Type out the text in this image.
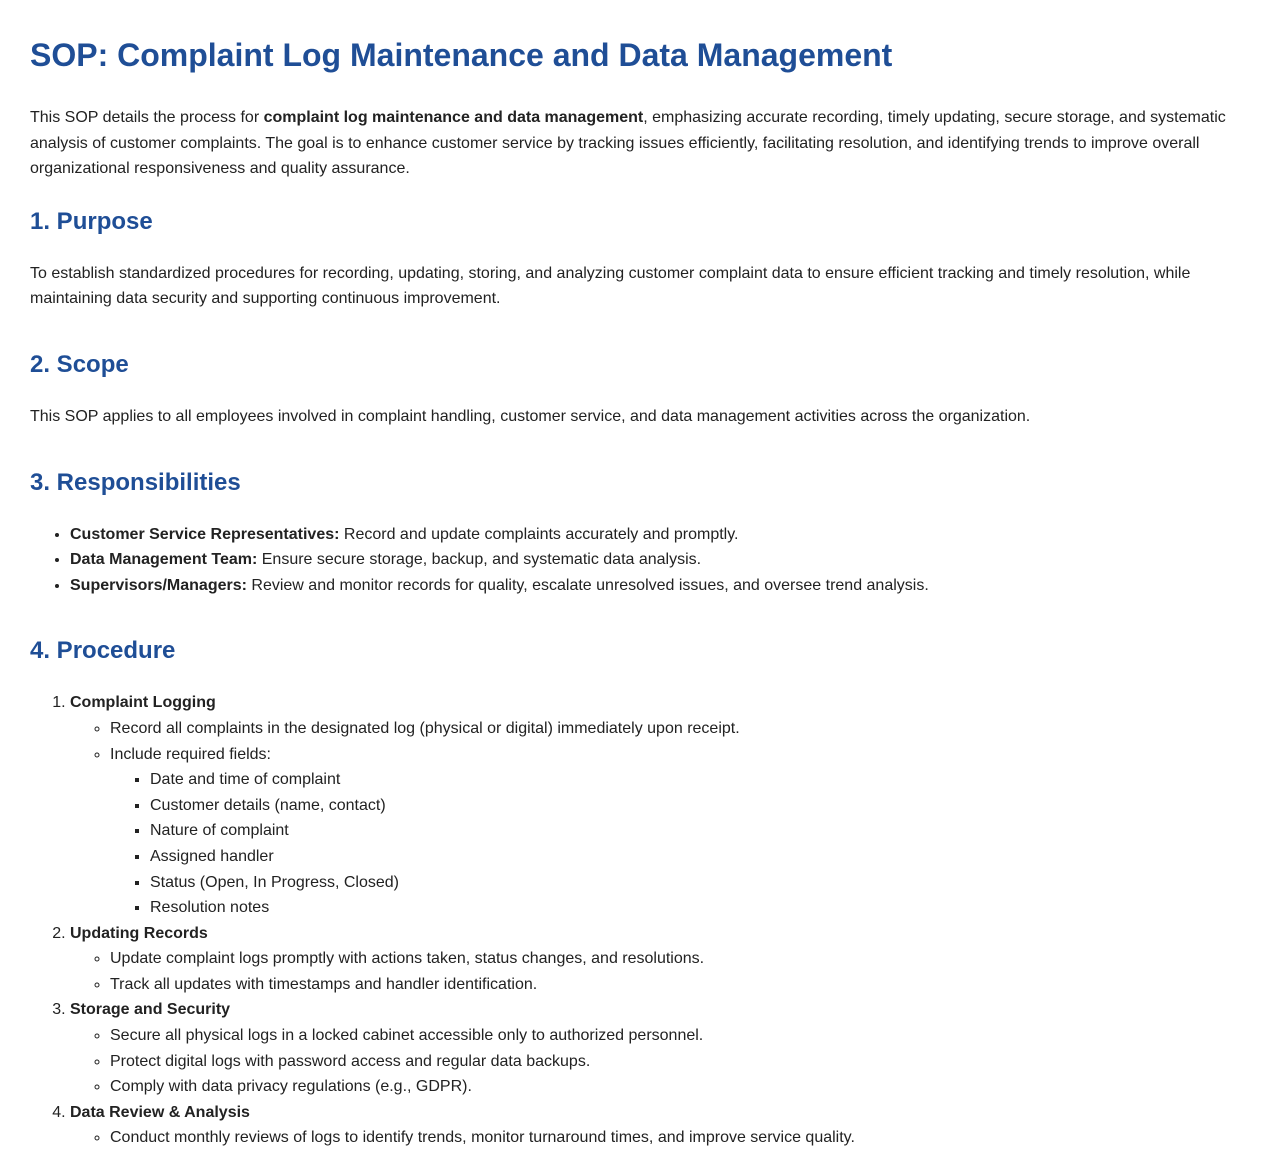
SOP: Complaint Log Maintenance and Data Management

This SOP details the process for complaint log maintenance and data management, emphasizing accurate recording, timely updating, secure storage, and systematic analysis of customer complaints. The goal is to enhance customer service by tracking issues efficiently, facilitating resolution, and identifying trends to improve overall organizational responsiveness and quality assurance.

1. Purpose

To establish standardized procedures for recording, updating, storing, and analyzing customer complaint data to ensure efficient tracking and timely resolution, while maintaining data security and supporting continuous improvement.

2. Scope

This SOP applies to all employees involved in complaint handling, customer service, and data management activities across the organization.

3. Responsibilities
• Customer Service Representatives: Record and update complaints accurately and promptly.
• Data Management Team: Ensure secure storage, backup, and systematic data analysis.
• Supervisors/Managers: Review and monitor records for quality, escalate unresolved issues, and oversee trend analysis.
4. Procedure
1. Complaint Logging
◦ Record all complaints in the designated log (physical or digital) immediately upon receipt.
◦ Include required fields:
▪ Date and time of complaint
▪ Customer details (name, contact)
▪ Nature of complaint
▪ Assigned handler
▪ Status (Open, In Progress, Closed)
▪ Resolution notes
2. Updating Records
◦ Update complaint logs promptly with actions taken, status changes, and resolutions.
◦ Track all updates with timestamps and handler identification.
3. Storage and Security
◦ Secure all physical logs in a locked cabinet accessible only to authorized personnel.
◦ Protect digital logs with password access and regular data backups.
◦ Comply with data privacy regulations (e.g., GDPR).
4. Data Review & Analysis
◦ Conduct monthly reviews of logs to identify trends, monitor turnaround times, and improve service quality.
